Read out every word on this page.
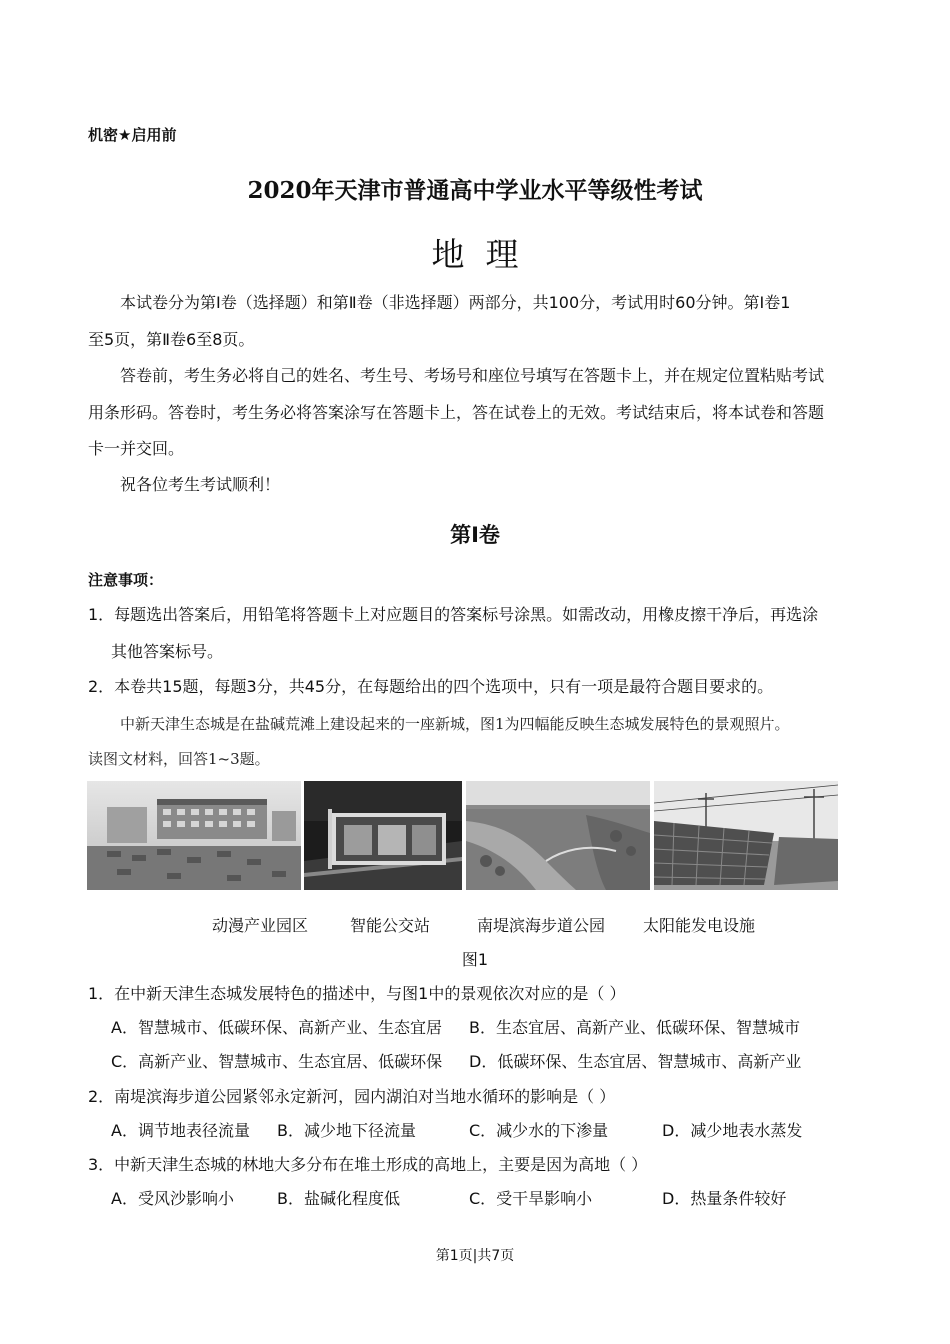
机密★启用前
2020年天津市普通高中学业水平等级性考试
地  理
本试卷分为第Ⅰ卷（选择题）和第Ⅱ卷（非选择题）两部分，共100分，考试用时60分钟。第Ⅰ卷1
至5页，第Ⅱ卷6至8页。
答卷前，考生务必将自己的姓名、考生号、考场号和座位号填写在答题卡上，并在规定位置粘贴考试
用条形码。答卷时，考生务必将答案涂写在答题卡上，答在试卷上的无效。考试结束后，将本试卷和答题
卡一并交回。
祝各位考生考试顺利！
第Ⅰ卷
注意事项：
1．每题选出答案后，用铅笔将答题卡上对应题目的答案标号涂黑。如需改动，用橡皮擦干净后，再选涂
其他答案标号。
2．本卷共15题，每题3分，共45分，在每题给出的四个选项中，只有一项是最符合题目要求的。
中新天津生态城是在盐碱荒滩上建设起来的一座新城，图1为四幅能反映生态城发展特色的景观照片。
读图文材料，回答1~3题。
动漫产业园区	智能公交站	南堤滨海步道公园 太阳能发电设施
图1
1．在中新天津生态城发展特色的描述中，与图1中的景观依次对应的是（ ）
A．智慧城市、低碳环保、高新产业、生态宜居 B．生态宜居、高新产业、低碳环保、智慧城市
C．高新产业、智慧城市、生态宜居、低碳环保 D．低碳环保、生态宜居、智慧城市、高新产业
2．南堤滨海步道公园紧邻永定新河，园内湖泊对当地水循环的影响是（ ）
A．调节地表径流量 B．减少地下径流量	C．减少水的下渗量	D．减少地表水蒸发
3．中新天津生态城的林地大多分布在堆土形成的高地上，主要是因为高地（ ）
A．受风沙影响小	B．盐碱化程度低	C．受干旱影响小	D．热量条件较好
第1页|共7页
